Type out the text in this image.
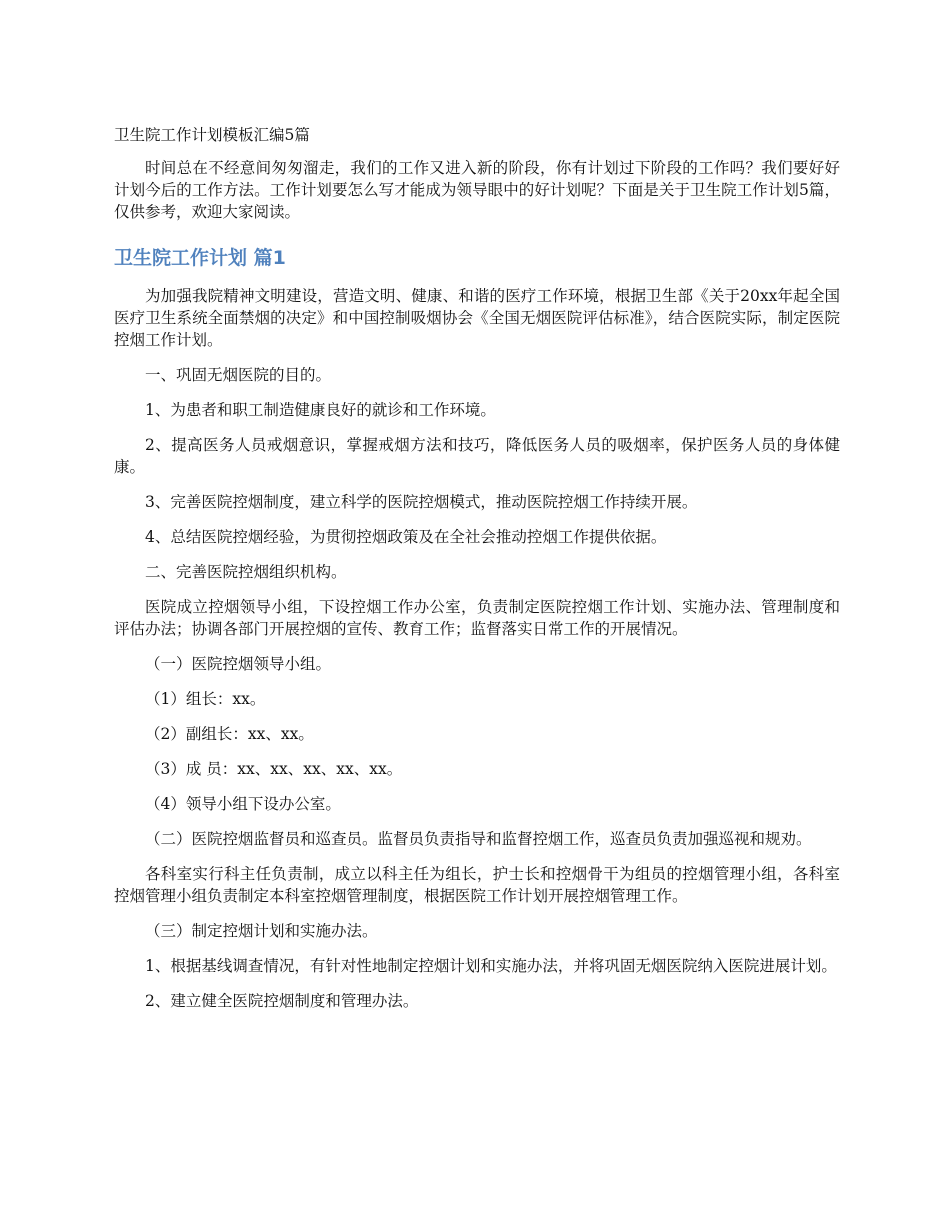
卫生院工作计划模板汇编5篇

时间总在不经意间匆匆溜走，我们的工作又进入新的阶段，你有计划过下阶段的工作吗？我们要好好计划今后的工作方法。工作计划要怎么写才能成为领导眼中的好计划呢？下面是关于卫生院工作计划5篇，仅供参考，欢迎大家阅读。

卫生院工作计划 篇1

为加强我院精神文明建设，营造文明、健康、和谐的医疗工作环境，根据卫生部《关于20xx年起全国医疗卫生系统全面禁烟的决定》和中国控制吸烟协会《全国无烟医院评估标准》，结合医院实际，制定医院控烟工作计划。

一、巩固无烟医院的目的。

1、为患者和职工制造健康良好的就诊和工作环境。

2、提高医务人员戒烟意识，掌握戒烟方法和技巧，降低医务人员的吸烟率，保护医务人员的身体健康。

3、完善医院控烟制度，建立科学的医院控烟模式，推动医院控烟工作持续开展。

4、总结医院控烟经验，为贯彻控烟政策及在全社会推动控烟工作提供依据。

二、完善医院控烟组织机构。

医院成立控烟领导小组，下设控烟工作办公室，负责制定医院控烟工作计划、实施办法、管理制度和评估办法；协调各部门开展控烟的宣传、教育工作；监督落实日常工作的开展情况。

（一）医院控烟领导小组。

（1）组长：xx。

（2）副组长：xx、xx。

（3）成 员：xx、xx、xx、xx、xx。

（4）领导小组下设办公室。

（二）医院控烟监督员和巡查员。监督员负责指导和监督控烟工作，巡查员负责加强巡视和规劝。

各科室实行科主任负责制，成立以科主任为组长，护士长和控烟骨干为组员的控烟管理小组，各科室控烟管理小组负责制定本科室控烟管理制度，根据医院工作计划开展控烟管理工作。

（三）制定控烟计划和实施办法。

1、根据基线调查情况，有针对性地制定控烟计划和实施办法，并将巩固无烟医院纳入医院进展计划。

2、建立健全医院控烟制度和管理办法。
